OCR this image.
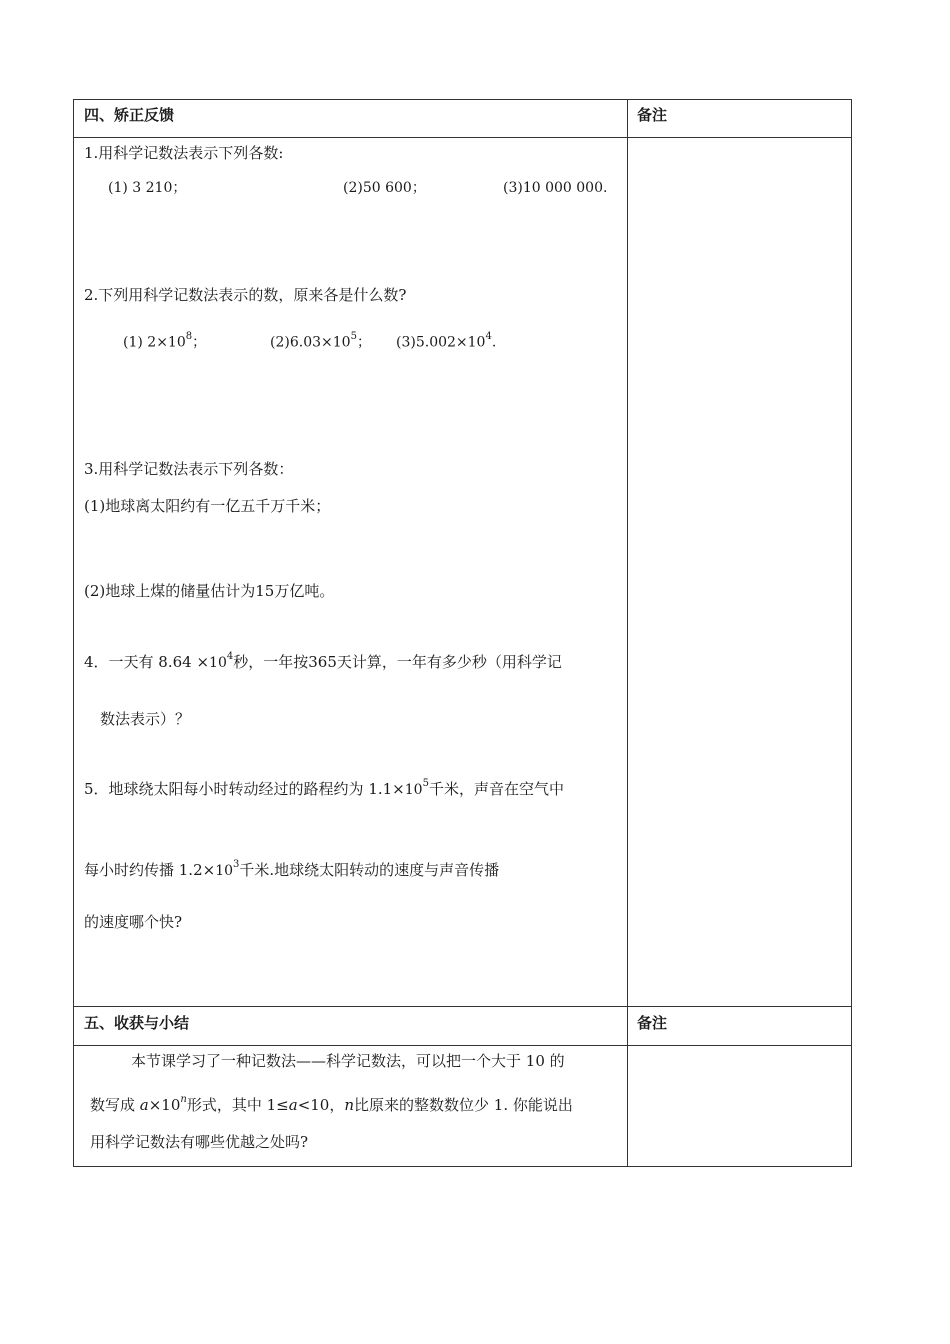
四、矫正反馈	备注
1.用科学记数法表示下列各数:
(1) 3 210；	(2)50 600；	(3)10 000 000.
2.下列用科学记数法表示的数，原来各是什么数?
(1) $2\times 10^8$；	$(2)6.03\times 10^5$； $(3)5.002\times 10^4$.
3.用科学记数法表示下列各数：
(1)地球离太阳约有一亿五千万千米；
(2)地球上煤的储量估计为15万亿吨。
4．一天有 $8.64 \times 10^4$秒，一年按365天计算，一年有多少秒（用科学记
数法表示）？
5．地球绕太阳每小时转动经过的路程约为 $1.1\times 10^5$千米，声音在空气中
每小时约传播 $1.2\times 10^3$千米.地球绕太阳转动的速度与声音传播
的速度哪个快?
五、收获与小结	备注
本节课学习了一种记数法——科学记数法，可以把一个大于 10 的
数写成 $a\times 10^n$形式，其中 1≤a<10，n比原来的整数数位少 1. 你能说出
用科学记数法有哪些优越之处吗?
